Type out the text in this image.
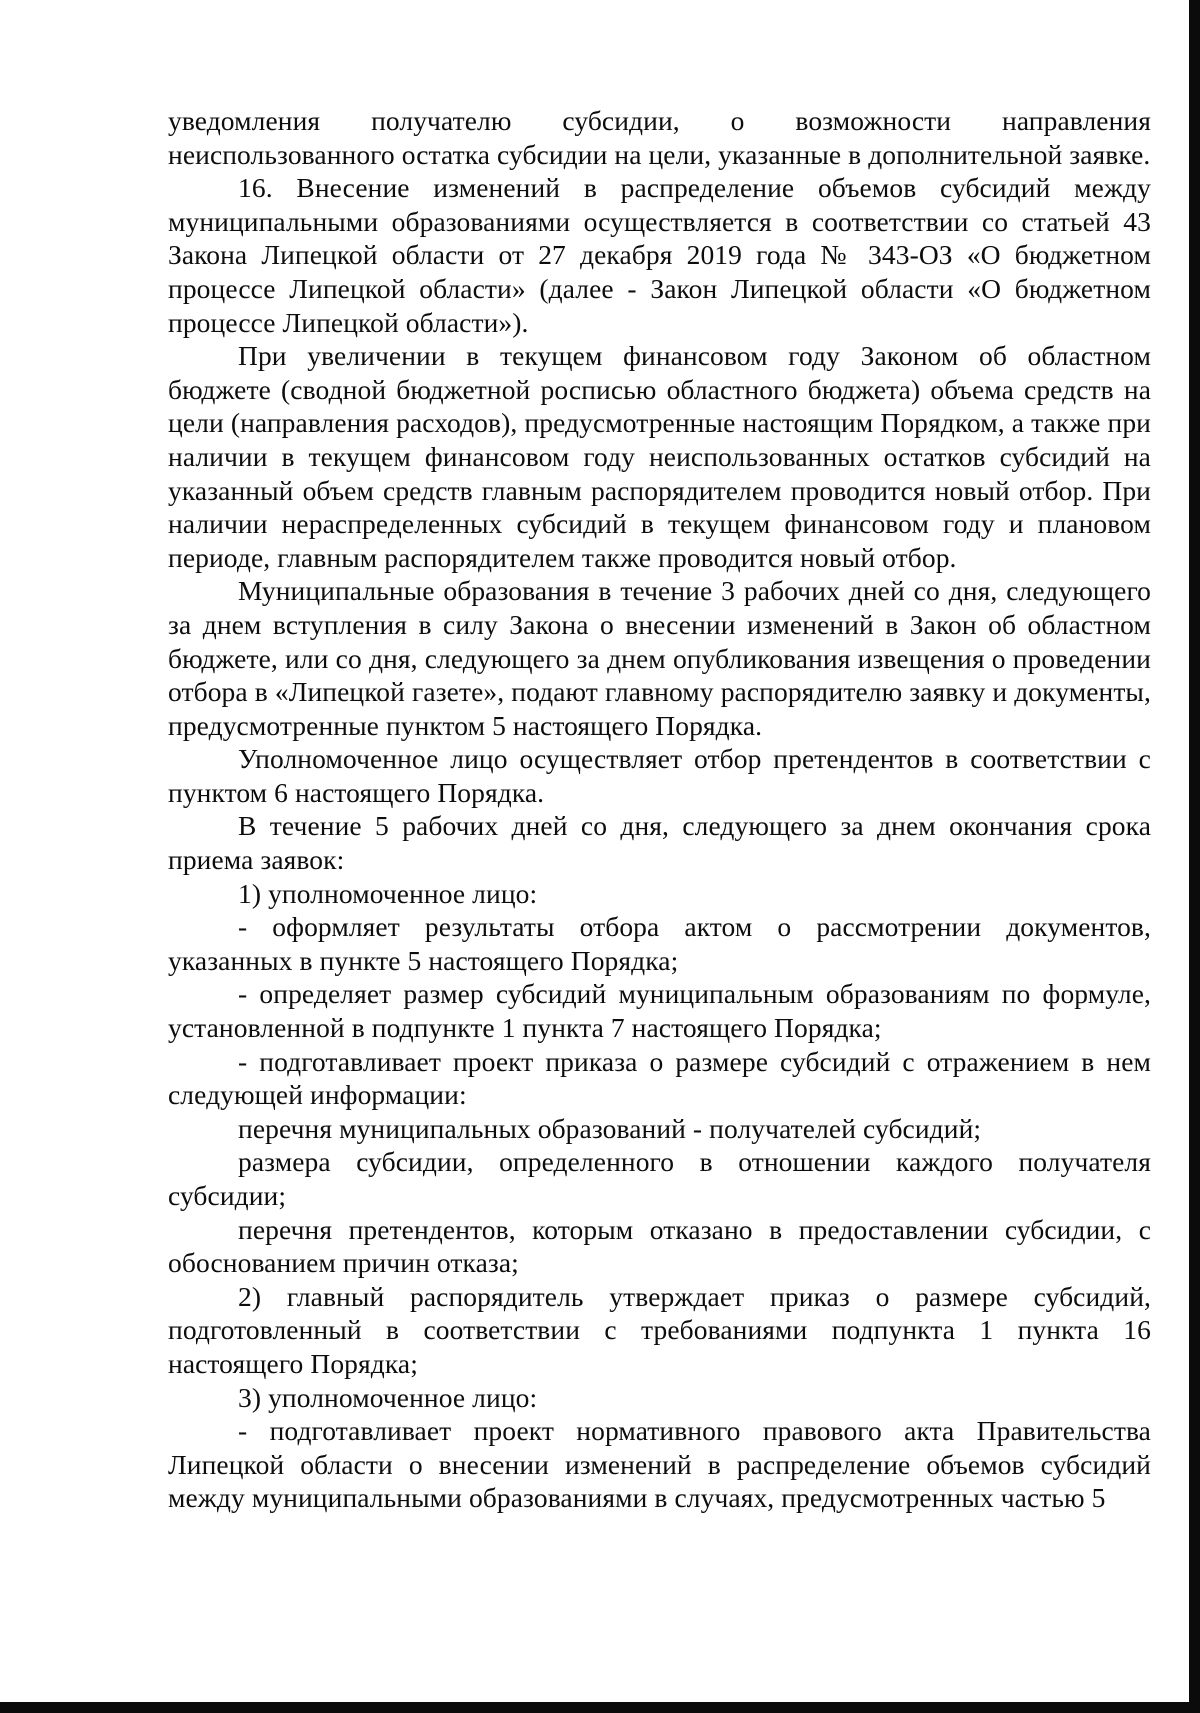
уведомления получателю субсидии, о возможности направления неиспользованного остатка субсидии на цели, указанные в дополнительной заявке.

16. Внесение изменений в распределение объемов субсидий между муниципальными образованиями осуществляется в соответствии со статьей 43 Закона Липецкой области от 27 декабря 2019 года № 343-ОЗ «О бюджетном процессе Липецкой области» (далее - Закон Липецкой области «О бюджетном процессе Липецкой области»).

При увеличении в текущем финансовом году Законом об областном бюджете (сводной бюджетной росписью областного бюджета) объема средств на цели (направления расходов), предусмотренные настоящим Порядком, а также при наличии в текущем финансовом году неиспользованных остатков субсидий на указанный объем средств главным распорядителем проводится новый отбор. При наличии нераспределенных субсидий в текущем финансовом году и плановом периоде, главным распорядителем также проводится новый отбор.

Муниципальные образования в течение 3 рабочих дней со дня, следующего за днем вступления в силу Закона о внесении изменений в Закон об областном бюджете, или со дня, следующего за днем опубликования извещения о проведении отбора в «Липецкой газете», подают главному распорядителю заявку и документы, предусмотренные пунктом 5 настоящего Порядка.

Уполномоченное лицо осуществляет отбор претендентов в соответствии с пунктом 6 настоящего Порядка.

В течение 5 рабочих дней со дня, следующего за днем окончания срока приема заявок:

1) уполномоченное лицо:

- оформляет результаты отбора актом о рассмотрении документов, указанных в пункте 5 настоящего Порядка;

- определяет размер субсидий муниципальным образованиям по формуле, установленной в подпункте 1 пункта 7 настоящего Порядка;

- подготавливает проект приказа о размере субсидий с отражением в нем следующей информации:

перечня муниципальных образований - получателей субсидий;

размера субсидии, определенного в отношении каждого получателя субсидии;

перечня претендентов, которым отказано в предоставлении субсидии, с обоснованием причин отказа;

2) главный распорядитель утверждает приказ о размере субсидий, подготовленный в соответствии с требованиями подпункта 1 пункта 16 настоящего Порядка;

3) уполномоченное лицо:

- подготавливает проект нормативного правового акта Правительства Липецкой области о внесении изменений в распределение объемов субсидий между муниципальными образованиями в случаях, предусмотренных частью 5
